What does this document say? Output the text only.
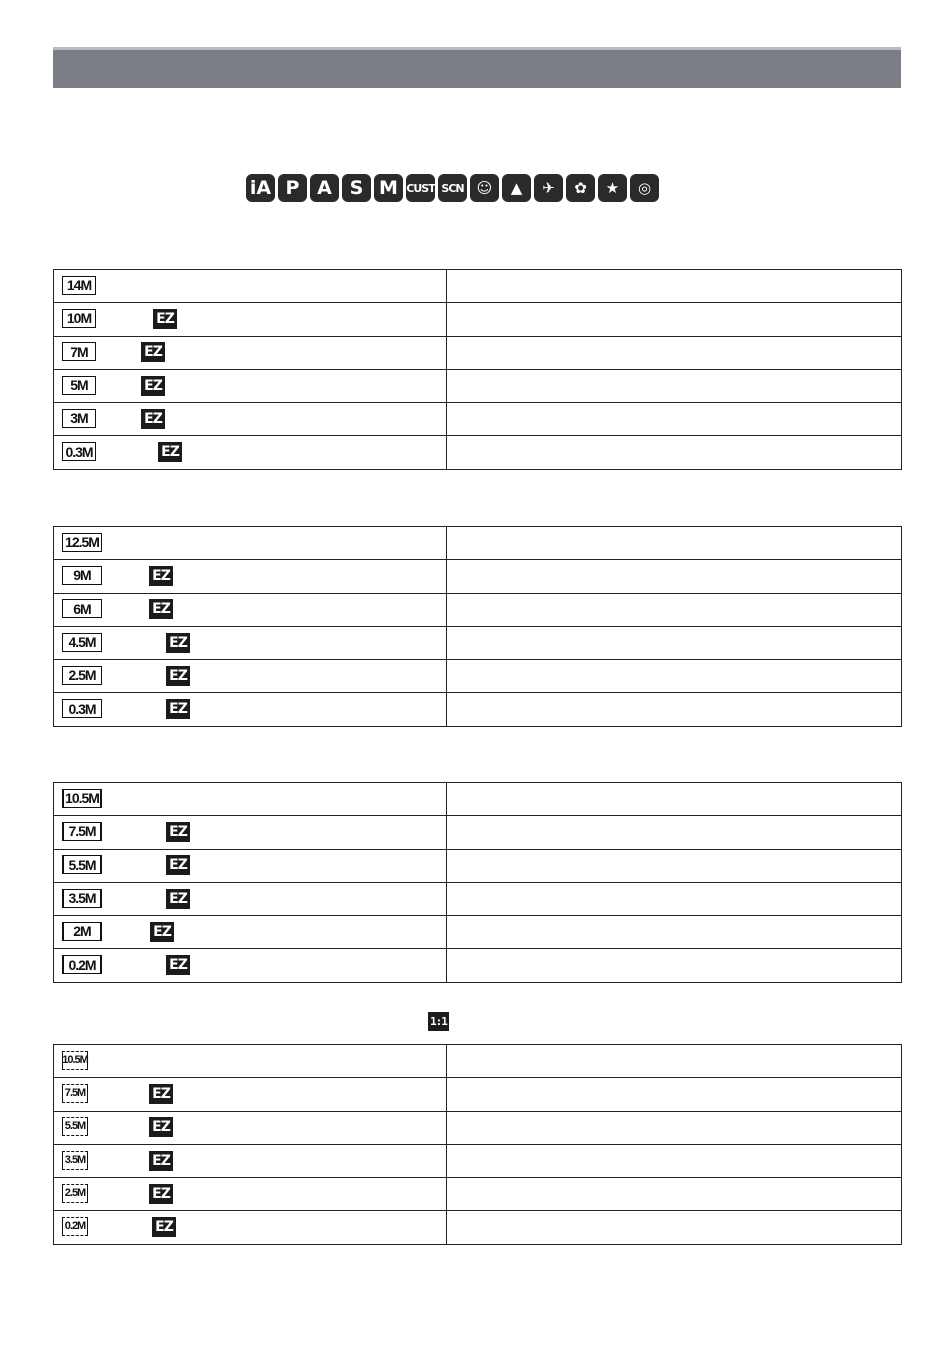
iA P A S M CUST SCN ☺	▲	✈	✿	★	◎
14M	

10M EZ	

7M EZ	

5M EZ	

3M EZ	

0.3M EZ	

12.5M	

9M EZ	

6M EZ	

4.5M EZ	

2.5M EZ	

0.3M EZ	

10.5M	

7.5M EZ	

5.5M EZ	

3.5M EZ	

2M EZ	

0.2M EZ	

1:1
10.5M	

7.5M EZ	

5.5M EZ	

3.5M EZ	

2.5M EZ	

0.2M EZ	
